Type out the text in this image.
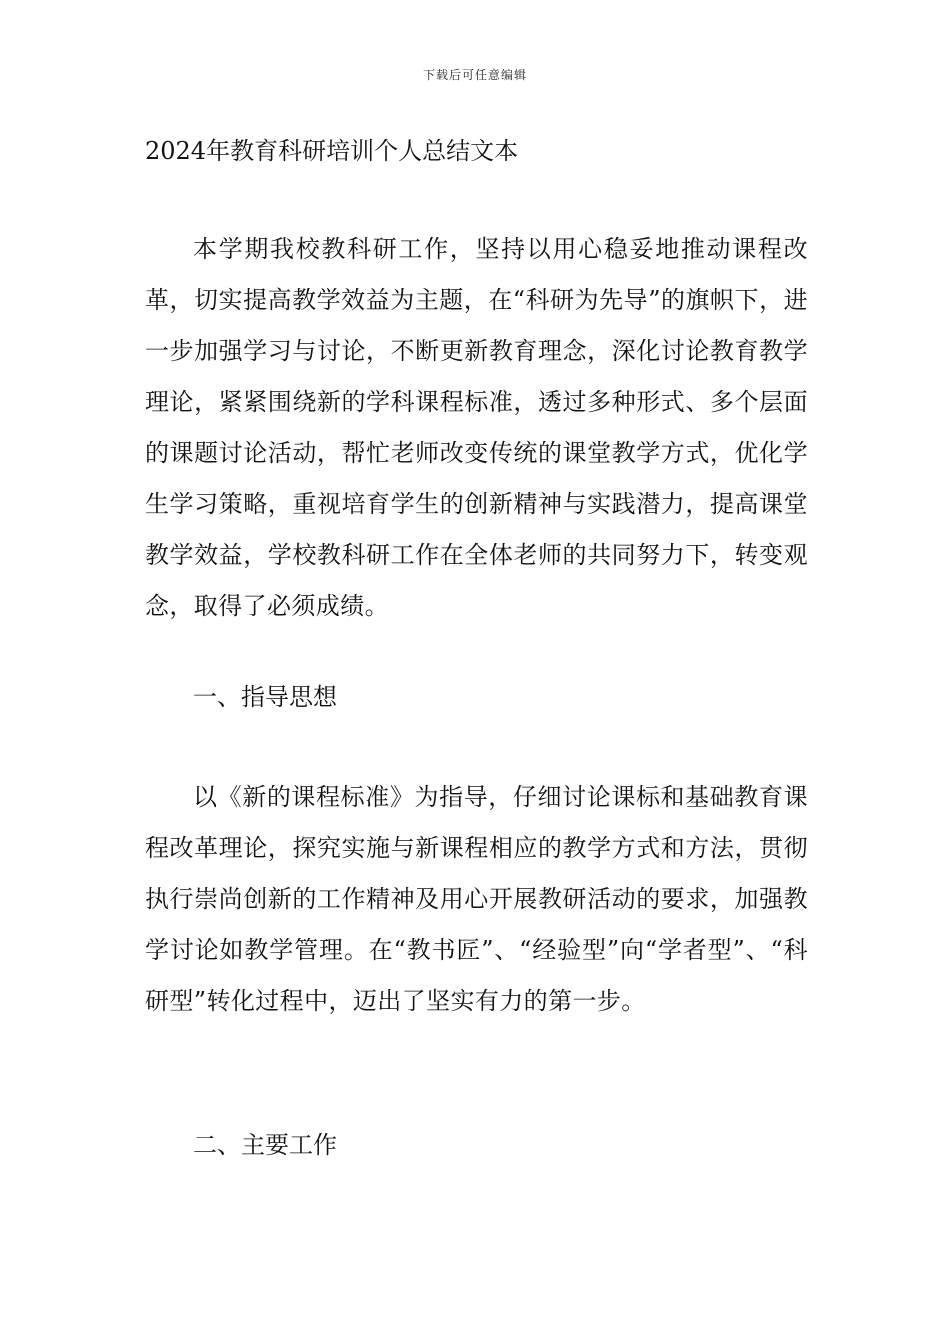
下载后可任意编辑
2024年教育科研培训个人总结文本

本学期我校教科研工作，坚持以用心稳妥地推动课程改革，切实提高教学效益为主题，在“科研为先导”的旗帜下，进一步加强学习与讨论，不断更新教育理念，深化讨论教育教学理论，紧紧围绕新的学科课程标准，透过多种形式、多个层面的课题讨论活动，帮忙老师改变传统的课堂教学方式，优化学生学习策略，重视培育学生的创新精神与实践潜力，提高课堂教学效益，学校教科研工作在全体老师的共同努力下，转变观念，取得了必须成绩。

一、指导思想

以《新的课程标准》为指导，仔细讨论课标和基础教育课程改革理论，探究实施与新课程相应的教学方式和方法，贯彻执行崇尚创新的工作精神及用心开展教研活动的要求，加强教学讨论如教学管理。在“教书匠”、“经验型”向“学者型”、“科研型”转化过程中，迈出了坚实有力的第一步。

二、主要工作
